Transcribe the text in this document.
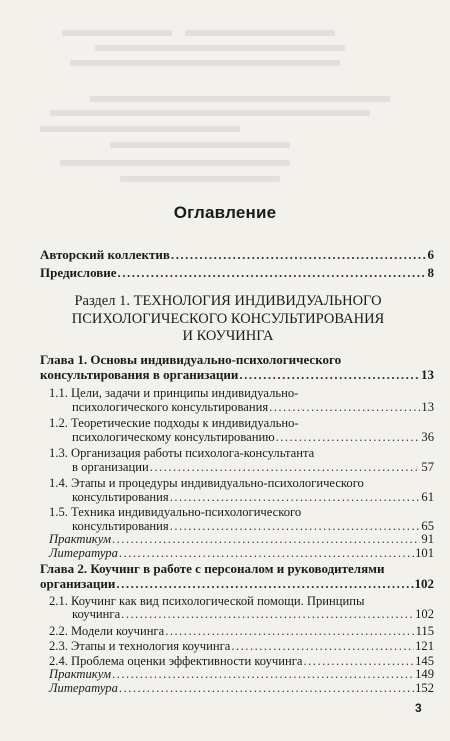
Оглавление
Авторский коллектив .....	6
Предисловие .....	8
Раздел 1. ТЕХНОЛОГИЯ ИНДИВИДУАЛЬНОГО
ПСИХОЛОГИЧЕСКОГО КОНСУЛЬТИРОВАНИЯ
И КОУЧИНГА
Глава 1. Основы индивидуально-психологического
консультирования в организации .....	13
1.1. Цели, задачи и принципы индивидуально-
психологического консультирования .....	13
1.2. Теоретические подходы к индивидуально-
психологическому консультированию .....	36
1.3. Организация работы психолога-консультанта
в организации .....	57
1.4. Этапы и процедуры индивидуально-психологического
консультирования .....	61
1.5. Техника индивидуально-психологического
консультирования .....	65
Практикум .....	91
Литература .....	101
Глава 2. Коучинг в работе с персоналом и руководителями
организации .....	102
2.1. Коучинг как вид психологической помощи. Принципы
коучинга .....	102
2.2. Модели коучинга .....	115
2.3. Этапы и технология коучинга .....	121
2.4. Проблема оценки эффективности коучинга .....	145
Практикум .....	149
Литература .....	152
3
